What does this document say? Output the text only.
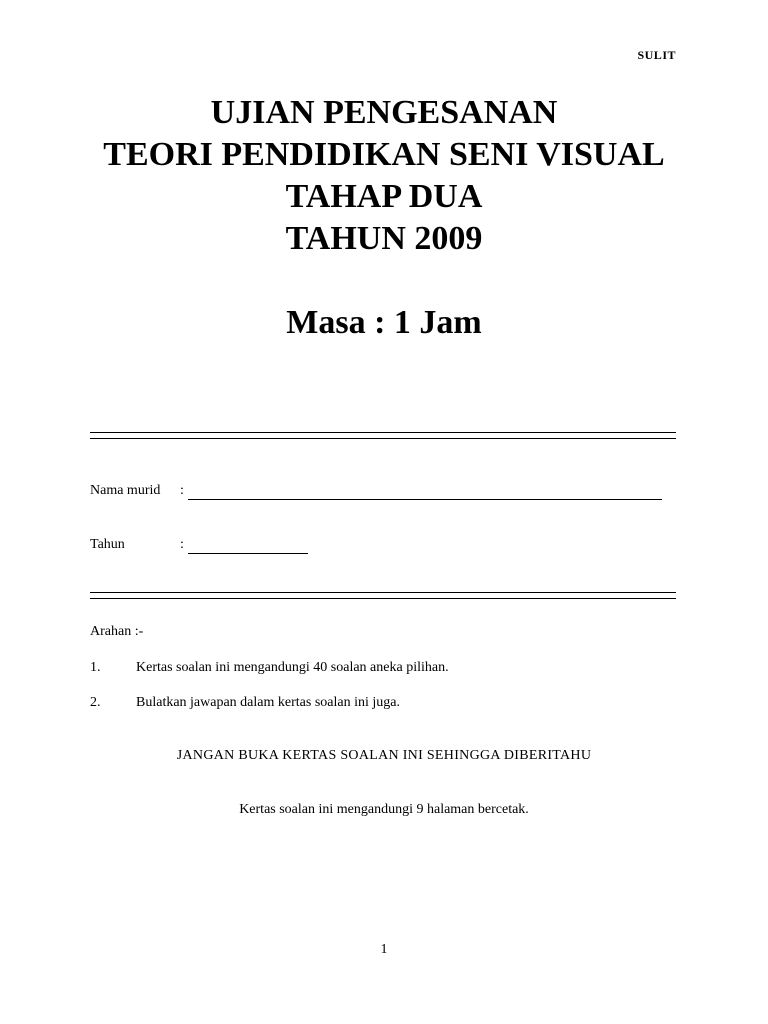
SULIT
UJIAN PENGESANAN
TEORI PENDIDIKAN SENI VISUAL
TAHAP DUA
TAHUN 2009
Masa : 1 Jam
Nama murid :
Tahun	:
Arahan :-
1.	Kertas soalan ini mengandungi 40 soalan aneka pilihan.
2.	Bulatkan jawapan dalam kertas soalan ini juga.
JANGAN BUKA KERTAS SOALAN INI SEHINGGA DIBERITAHU
Kertas soalan ini mengandungi 9 halaman bercetak.
1
